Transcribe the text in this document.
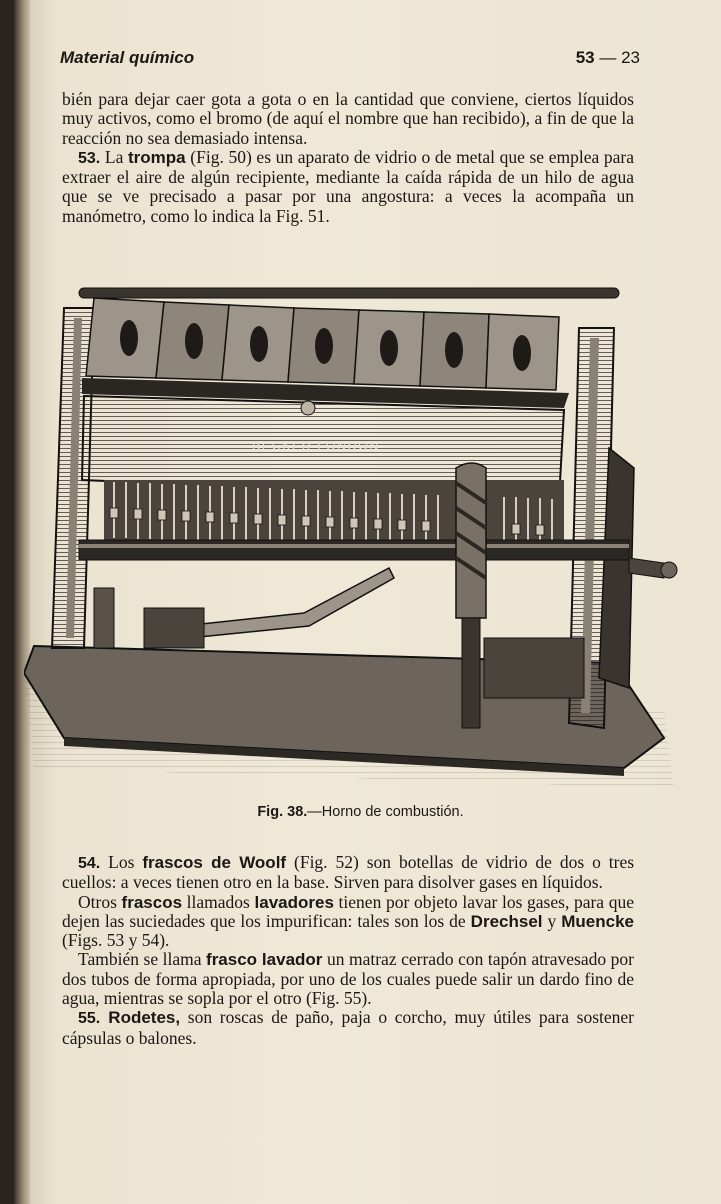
Material químico	53 — 23

bién para dejar caer gota a gota o en la cantidad que conviene, ciertos líquidos muy activos, como el bromo (de aquí el nombre que han recibido), a fin de que la reacción no sea demasiado intensa.

53. La trompa (Fig. 50) es un aparato de vidrio o de metal que se emplea para extraer el aire de algún recipiente, mediante la caída rápida de un hilo de agua que se ve precisado a pasar por una angostura: a veces la acompaña un manómetro, como lo indica la Fig. 51.

BECKER LONDON
Fig. 38.—Horno de combustión.

54. Los frascos de Woolf (Fig. 52) son botellas de vidrio de dos o tres cuellos: a veces tienen otro en la base. Sirven para disolver gases en líquidos.

Otros frascos llamados lavadores tienen por objeto lavar los gases, para que dejen las suciedades que los impurifican: tales son los de Drechsel y Muencke (Figs. 53 y 54).

También se llama frasco lavador un matraz cerrado con tapón atravesado por dos tubos de forma apropiada, por uno de los cuales puede salir un dardo fino de agua, mientras se sopla por el otro (Fig. 55).

55. Rodetes, son roscas de paño, paja o corcho, muy útiles para sostener cápsulas o balones.
